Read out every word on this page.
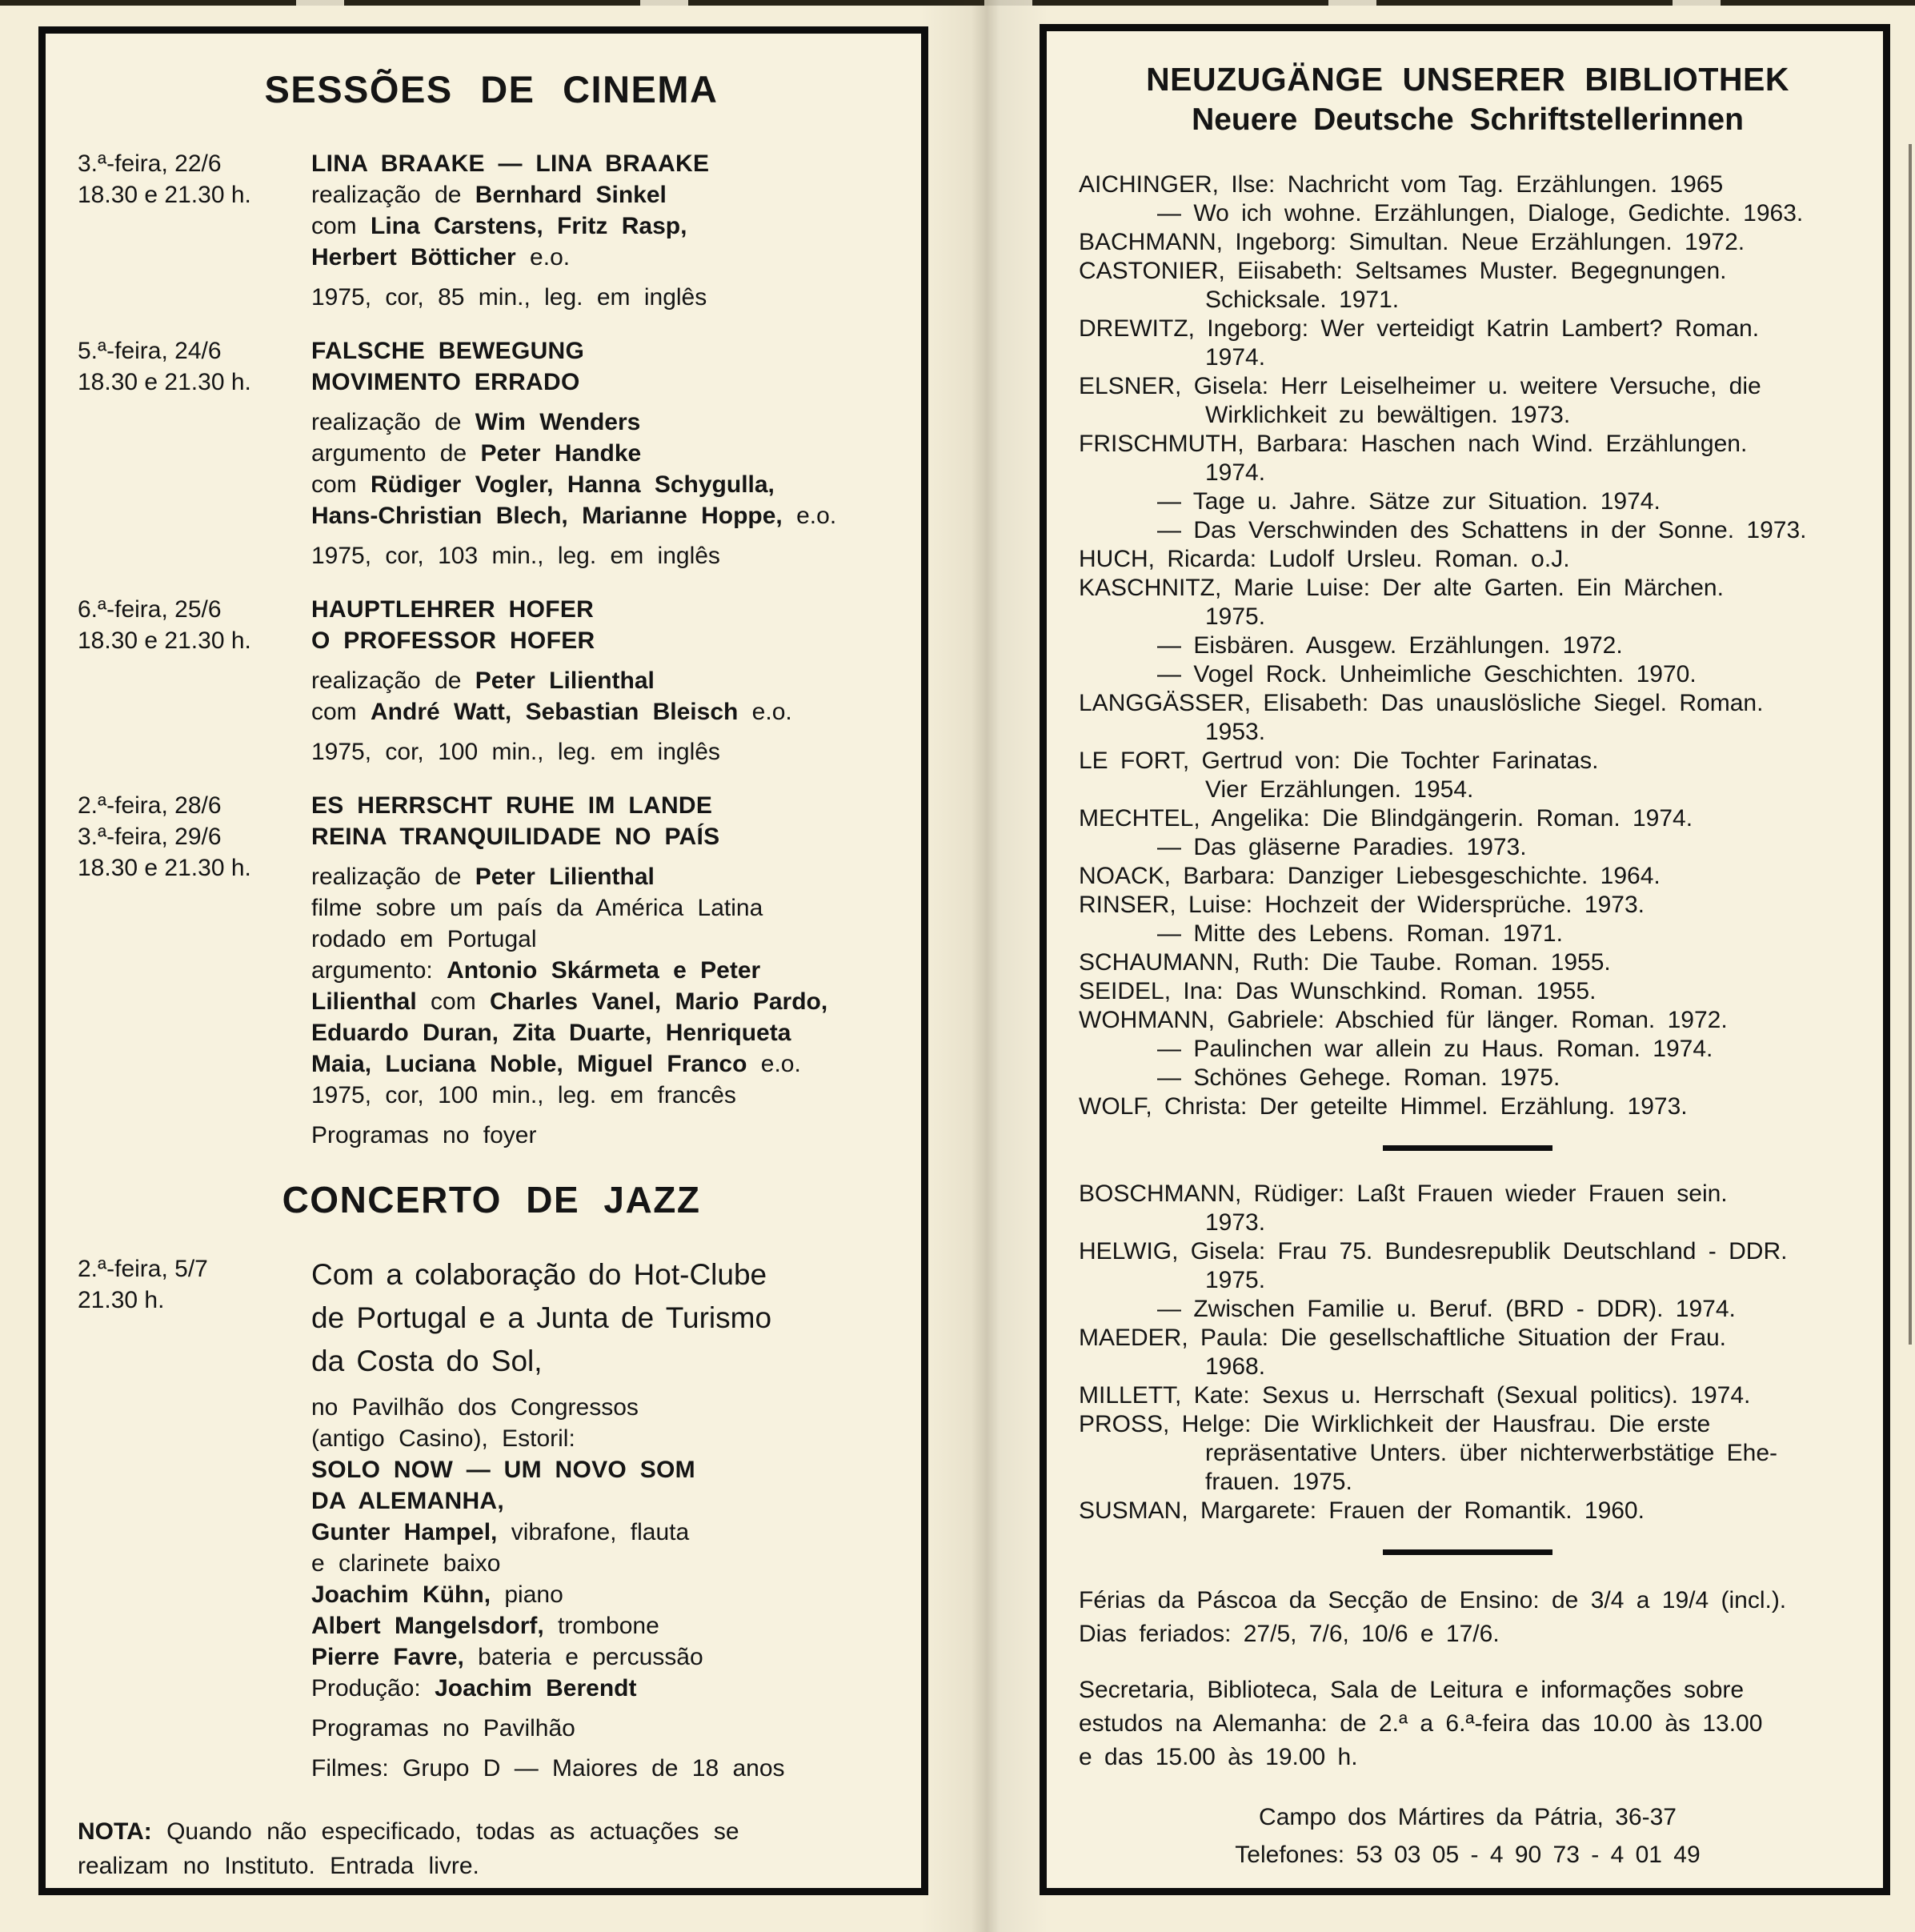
SESSÕES DE CINEMA
3.ª-feira, 22/6
18.30 e 21.30 h.
LINA BRAAKE — LINA BRAAKE
realização de Bernhard Sinkel
com Lina Carstens, Fritz Rasp,
Herbert Bötticher e.o.
1975, cor, 85 min., leg. em inglês
5.ª-feira, 24/6
18.30 e 21.30 h.
FALSCHE BEWEGUNG
MOVIMENTO ERRADO
realização de Wim Wenders
argumento de Peter Handke
com Rüdiger Vogler, Hanna Schygulla,
Hans-Christian Blech, Marianne Hoppe, e.o.
1975, cor, 103 min., leg. em inglês
6.ª-feira, 25/6
18.30 e 21.30 h.
HAUPTLEHRER HOFER
O PROFESSOR HOFER
realização de Peter Lilienthal
com André Watt, Sebastian Bleisch e.o.
1975, cor, 100 min., leg. em inglês
2.ª-feira, 28/6
3.ª-feira, 29/6
18.30 e 21.30 h.
ES HERRSCHT RUHE IM LANDE
REINA TRANQUILIDADE NO PAÍS
realização de Peter Lilienthal
filme sobre um país da América Latina
rodado em Portugal
argumento: Antonio Skármeta e Peter
Lilienthal com Charles Vanel, Mario Pardo,
Eduardo Duran, Zita Duarte, Henriqueta
Maia, Luciana Noble, Miguel Franco e.o.
1975, cor, 100 min., leg. em francês
Programas no foyer
CONCERTO DE JAZZ
2.ª-feira, 5/7
21.30 h.
Com a colaboração do Hot-Clube
de Portugal e a Junta de Turismo
da Costa do Sol,
no Pavilhão dos Congressos
(antigo Casino), Estoril:
SOLO NOW — UM NOVO SOM
DA ALEMANHA,
Gunter Hampel, vibrafone, flauta
e clarinete baixo
Joachim Kühn, piano
Albert Mangelsdorf, trombone
Pierre Favre, bateria e percussão
Produção: Joachim Berendt
Programas no Pavilhão
Filmes: Grupo D — Maiores de 18 anos
NOTA: Quando não especificado, todas as actuações se
realizam no Instituto. Entrada livre.
NEUZUGÄNGE UNSERER BIBLIOTHEK
Neuere Deutsche Schriftstellerinnen
AICHINGER, Ilse: Nachricht vom Tag. Erzählungen. 1965
— Wo ich wohne. Erzählungen, Dialoge, Gedichte. 1963.
BACHMANN, Ingeborg: Simultan. Neue Erzählungen. 1972.
CASTONIER, Eiisabeth: Seltsames Muster. Begegnungen.
Schicksale. 1971.
DREWITZ, Ingeborg: Wer verteidigt Katrin Lambert? Roman.
1974.
ELSNER, Gisela: Herr Leiselheimer u. weitere Versuche, die
Wirklichkeit zu bewältigen. 1973.
FRISCHMUTH, Barbara: Haschen nach Wind. Erzählungen.
1974.
— Tage u. Jahre. Sätze zur Situation. 1974.
— Das Verschwinden des Schattens in der Sonne. 1973.
HUCH, Ricarda: Ludolf Ursleu. Roman. o.J.
KASCHNITZ, Marie Luise: Der alte Garten. Ein Märchen.
1975.
— Eisbären. Ausgew. Erzählungen. 1972.
— Vogel Rock. Unheimliche Geschichten. 1970.
LANGGÄSSER, Elisabeth: Das unauslösliche Siegel. Roman.
1953.
LE FORT, Gertrud von: Die Tochter Farinatas.
Vier Erzählungen. 1954.
MECHTEL, Angelika: Die Blindgängerin. Roman. 1974.
— Das gläserne Paradies. 1973.
NOACK, Barbara: Danziger Liebesgeschichte. 1964.
RINSER, Luise: Hochzeit der Widersprüche. 1973.
— Mitte des Lebens. Roman. 1971.
SCHAUMANN, Ruth: Die Taube. Roman. 1955.
SEIDEL, Ina: Das Wunschkind. Roman. 1955.
WOHMANN, Gabriele: Abschied für länger. Roman. 1972.
— Paulinchen war allein zu Haus. Roman. 1974.
— Schönes Gehege. Roman. 1975.
WOLF, Christa: Der geteilte Himmel. Erzählung. 1973.
BOSCHMANN, Rüdiger: Laßt Frauen wieder Frauen sein.
1973.
HELWIG, Gisela: Frau 75. Bundesrepublik Deutschland - DDR.
1975.
— Zwischen Familie u. Beruf. (BRD - DDR). 1974.
MAEDER, Paula: Die gesellschaftliche Situation der Frau.
1968.
MILLETT, Kate: Sexus u. Herrschaft (Sexual politics). 1974.
PROSS, Helge: Die Wirklichkeit der Hausfrau. Die erste
repräsentative Unters. über nichterwerbstätige Ehe-
frauen. 1975.
SUSMAN, Margarete: Frauen der Romantik. 1960.
Férias da Páscoa da Secção de Ensino: de 3/4 a 19/4 (incl.).
Dias feriados: 27/5, 7/6, 10/6 e 17/6.
Secretaria, Biblioteca, Sala de Leitura e informações sobre
estudos na Alemanha: de 2.ª a 6.ª-feira das 10.00 às 13.00
e das 15.00 às 19.00 h.
Campo dos Mártires da Pátria, 36-37
Telefones: 53 03 05 - 4 90 73 - 4 01 49
